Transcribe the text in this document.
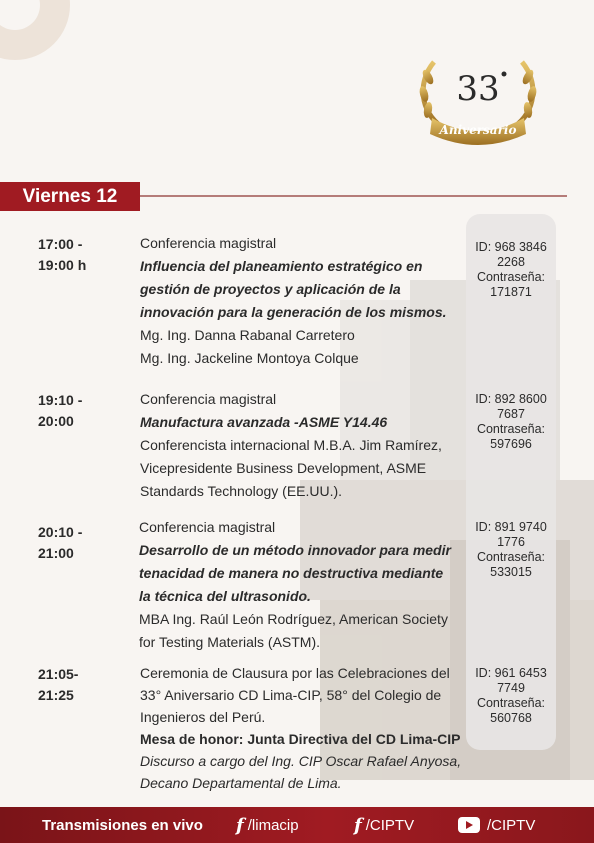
33
Aniversario
Viernes 12
17:00 -
19:00 h
Conferencia magistral
Influencia del planeamiento estratégico en
gestión de proyectos y aplicación de la
innovación para la generación de los mismos.
Mg. Ing. Danna Rabanal Carretero
Mg. Ing. Jackeline Montoya Colque
ID: 968 3846
2268
Contraseña:
171871
19:10 -
20:00
Conferencia magistral
Manufactura avanzada -ASME Y14.46
Conferencista internacional M.B.A. Jim Ramírez,
Vicepresidente Business Development, ASME
Standards Technology (EE.UU.).
ID: 892 8600
7687
Contraseña:
597696
20:10 -
21:00
Conferencia magistral
Desarrollo de un método innovador para medir
tenacidad de manera no destructiva mediante
la técnica del ultrasonido.
MBA Ing. Raúl León Rodríguez, American Society
for Testing Materials (ASTM).
ID: 891 9740
1776
Contraseña:
533015
21:05-
21:25
Ceremonia de Clausura por las Celebraciones del
33° Aniversario CD Lima-CIP, 58° del Colegio de
Ingenieros del Perú.
Mesa de honor: Junta Directiva del CD Lima-CIP
Discurso a cargo del Ing. CIP Oscar Rafael Anyosa,
Decano Departamental de Lima.
ID: 961 6453
7749
Contraseña:
560768
Transmisiones en vivo f /limacip	f /CIPTV	/CIPTV
